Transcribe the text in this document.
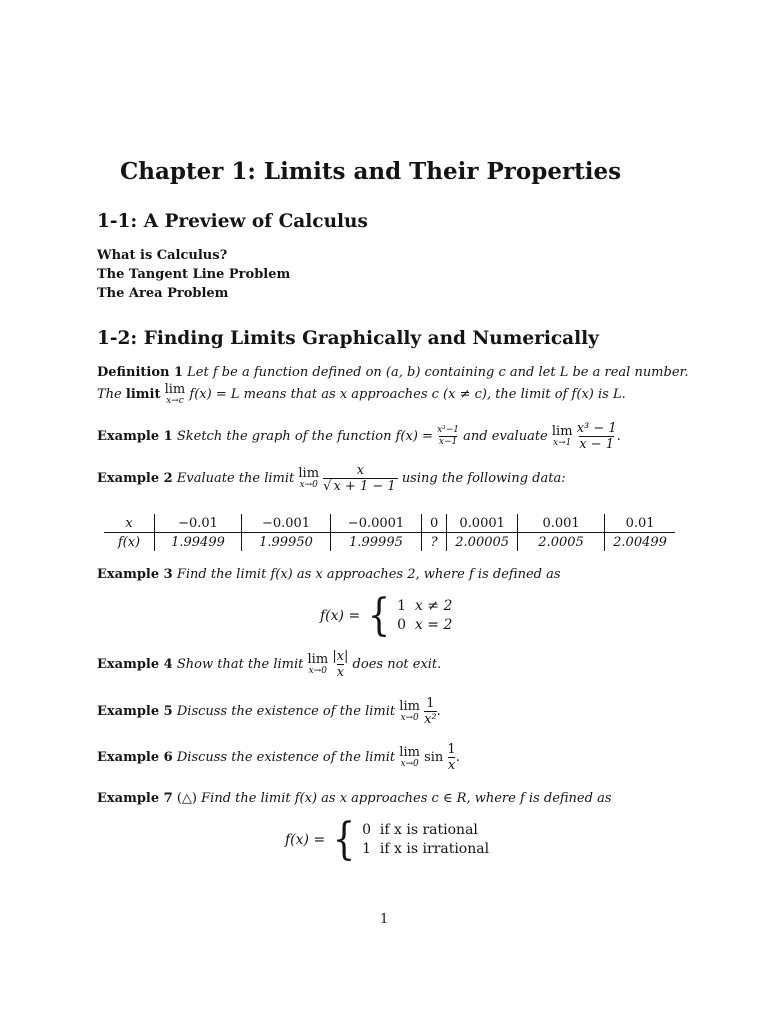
Chapter 1: Limits and Their Properties
1-1: A Preview of Calculus
What is Calculus?
The Tangent Line Problem
The Area Problem
1-2: Finding Limits Graphically and Numerically
Definition 1 Let f be a function defined on (a, b) containing c and let L be a real number.
The limit lim
x→c f(x) = L means that as x approaches c (x ≠ c), the limit of f(x) is L.
Example 1 Sketch the graph of the function $f(x) = \frac{\text{x³−1}}{x-1}$ and evaluate lim
x→1
$\frac{\text{x³ − 1}}{x - 1}$ .
Example 2 Evaluate the limit lim
x→0
$\frac{x}{√ x + 1 - 1}$ using the following data:
x	−0.01	−0.001	−0.0001	0	0.0001	0.001	0.01
f(x)	1.99499	1.99950	1.99995	?	2.00005	2.0005	2.00499
Example 3 Find the limit f(x) as x approaches 2, where f is defined as
f(x) = { 1 x ≠ 2
0 x = 2
Example 4 Show that the limit lim
x→0
$\frac{|x|}{x}$ does not exit.
Example 5 Discuss the existence of the limit lim
x→0
$\frac{1}{\text{x²}}$ .
Example 6 Discuss the existence of the limit lim
x→0 $\sin \frac{1}{x}$ .
Example 7 (△) Find the limit f(x) as x approaches c ∈ R, where f is defined as
f(x) = { 0 if x is rational
1 if x is irrational
1
